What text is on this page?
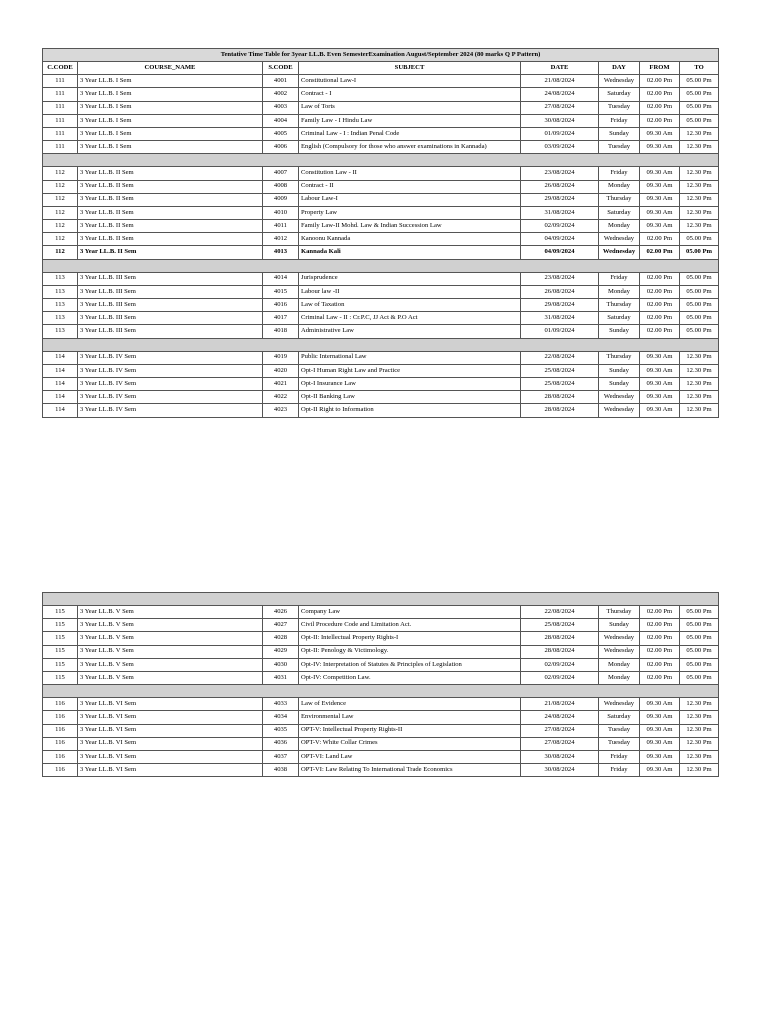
Tentative Time Table for 3year LL.B. Even SemesterExamination August/September 2024 (80 marks Q P Pattern)							
C.CODE	COURSE_NAME	S.CODE	SUBJECT	DATE	DAY	FROM	TO
111	3 Year LL.B. I Sem	4001	Constitutional Law-I	21/08/2024	Wednesday	02.00 Pm	05.00 Pm
111	3 Year LL.B. I Sem	4002	Contract - I	24/08/2024	Saturday	02.00 Pm	05.00 Pm
111	3 Year LL.B. I Sem	4003	Law of Torts	27/08/2024	Tuesday	02.00 Pm	05.00 Pm
111	3 Year LL.B. I Sem	4004	Family Law - I Hindu Law	30/08/2024	Friday	02.00 Pm	05.00 Pm
111	3 Year LL.B. I Sem	4005	Criminal Law - I : Indian Penal Code	01/09/2024	Sunday	09.30 Am	12.30 Pm
111	3 Year LL.B. I Sem	4006	English (Compulsory for those who answer examinations in Kannada)	03/09/2024	Tuesday	09.30 Am	12.30 Pm

112	3 Year LL.B. II Sem	4007	Constitution Law - II	23/08/2024	Friday	09.30 Am	12.30 Pm
112	3 Year LL.B. II Sem	4008	Contract - II	26/08/2024	Monday	09.30 Am	12.30 Pm
112	3 Year LL.B. II Sem	4009	Labour Law-I	29/08/2024	Thursday	09.30 Am	12.30 Pm
112	3 Year LL.B. II Sem	4010	Property Law	31/08/2024	Saturday	09.30 Am	12.30 Pm
112	3 Year LL.B. II Sem	4011	Family Law-II Mohd. Law & Indian Succession Law	02/09/2024	Monday	09.30 Am	12.30 Pm
112	3 Year LL.B. II Sem	4012	Kanoonu Kannada	04/09/2024	Wednesday	02.00 Pm	05.00 Pm
112	3 Year LL.B. II Sem	4013	Kannada Kali	04/09/2024	Wednesday	02.00 Pm	05.00 Pm

113	3 Year LL.B. III Sem	4014	Jurisprudence	23/08/2024	Friday	02.00 Pm	05.00 Pm
113	3 Year LL.B. III Sem	4015	Labour law -II	26/08/2024	Monday	02.00 Pm	05.00 Pm
113	3 Year LL.B. III Sem	4016	Law of Taxation	29/08/2024	Thursday	02.00 Pm	05.00 Pm
113	3 Year LL.B. III Sem	4017	Criminal Law - II : Cr.P.C, JJ Act & P.O Act	31/08/2024	Saturday	02.00 Pm	05.00 Pm
113	3 Year LL.B. III Sem	4018	Administrative Law	01/09/2024	Sunday	02.00 Pm	05.00 Pm

114	3 Year LL.B. IV Sem	4019	Public International Law	22/08/2024	Thursday	09.30 Am	12.30 Pm
114	3 Year LL.B. IV Sem	4020	Opt-I Human Right Law and Practice	25/08/2024	Sunday	09.30 Am	12.30 Pm
114	3 Year LL.B. IV Sem	4021	Opt-I Insurance Law	25/08/2024	Sunday	09.30 Am	12.30 Pm
114	3 Year LL.B. IV Sem	4022	Opt-II Banking Law	28/08/2024	Wednesday	09.30 Am	12.30 Pm
114	3 Year LL.B. IV Sem	4023	Opt-II Right to Information	28/08/2024	Wednesday	09.30 Am	12.30 Pm

115	3 Year LL.B. V Sem	4026	Company Law	22/08/2024	Thursday	02.00 Pm	05.00 Pm
115	3 Year LL.B. V Sem	4027	Civil Procedure Code and Limitation Act.	25/08/2024	Sunday	02.00 Pm	05.00 Pm
115	3 Year LL.B. V Sem	4028	Opt-II: Intellectual Property Rights-I	28/08/2024	Wednesday	02.00 Pm	05.00 Pm
115	3 Year LL.B. V Sem	4029	Opt-II: Penology & Victimology.	28/08/2024	Wednesday	02.00 Pm	05.00 Pm
115	3 Year LL.B. V Sem	4030	Opt-IV: Interpretation of Statutes & Principles of Legislation	02/09/2024	Monday	02.00 Pm	05.00 Pm
115	3 Year LL.B. V Sem	4031	Opt-IV: Competition Law.	02/09/2024	Monday	02.00 Pm	05.00 Pm

116	3 Year LL.B. VI Sem	4033	Law of Evidence	21/08/2024	Wednesday	09.30 Am	12.30 Pm
116	3 Year LL.B. VI Sem	4034	Environmental Law	24/08/2024	Saturday	09.30 Am	12.30 Pm
116	3 Year LL.B. VI Sem	4035	OPT-V: Intellectual Property Rights-II	27/08/2024	Tuesday	09.30 Am	12.30 Pm
116	3 Year LL.B. VI Sem	4036	OPT-V: White Collar Crimes	27/08/2024	Tuesday	09.30 Am	12.30 Pm
116	3 Year LL.B. VI Sem	4037	OPT-VI: Land Law	30/08/2024	Friday	09.30 Am	12.30 Pm
116	3 Year LL.B. VI Sem	4038	OPT-VI: Law Relating To International Trade Economics	30/08/2024	Friday	09.30 Am	12.30 Pm
